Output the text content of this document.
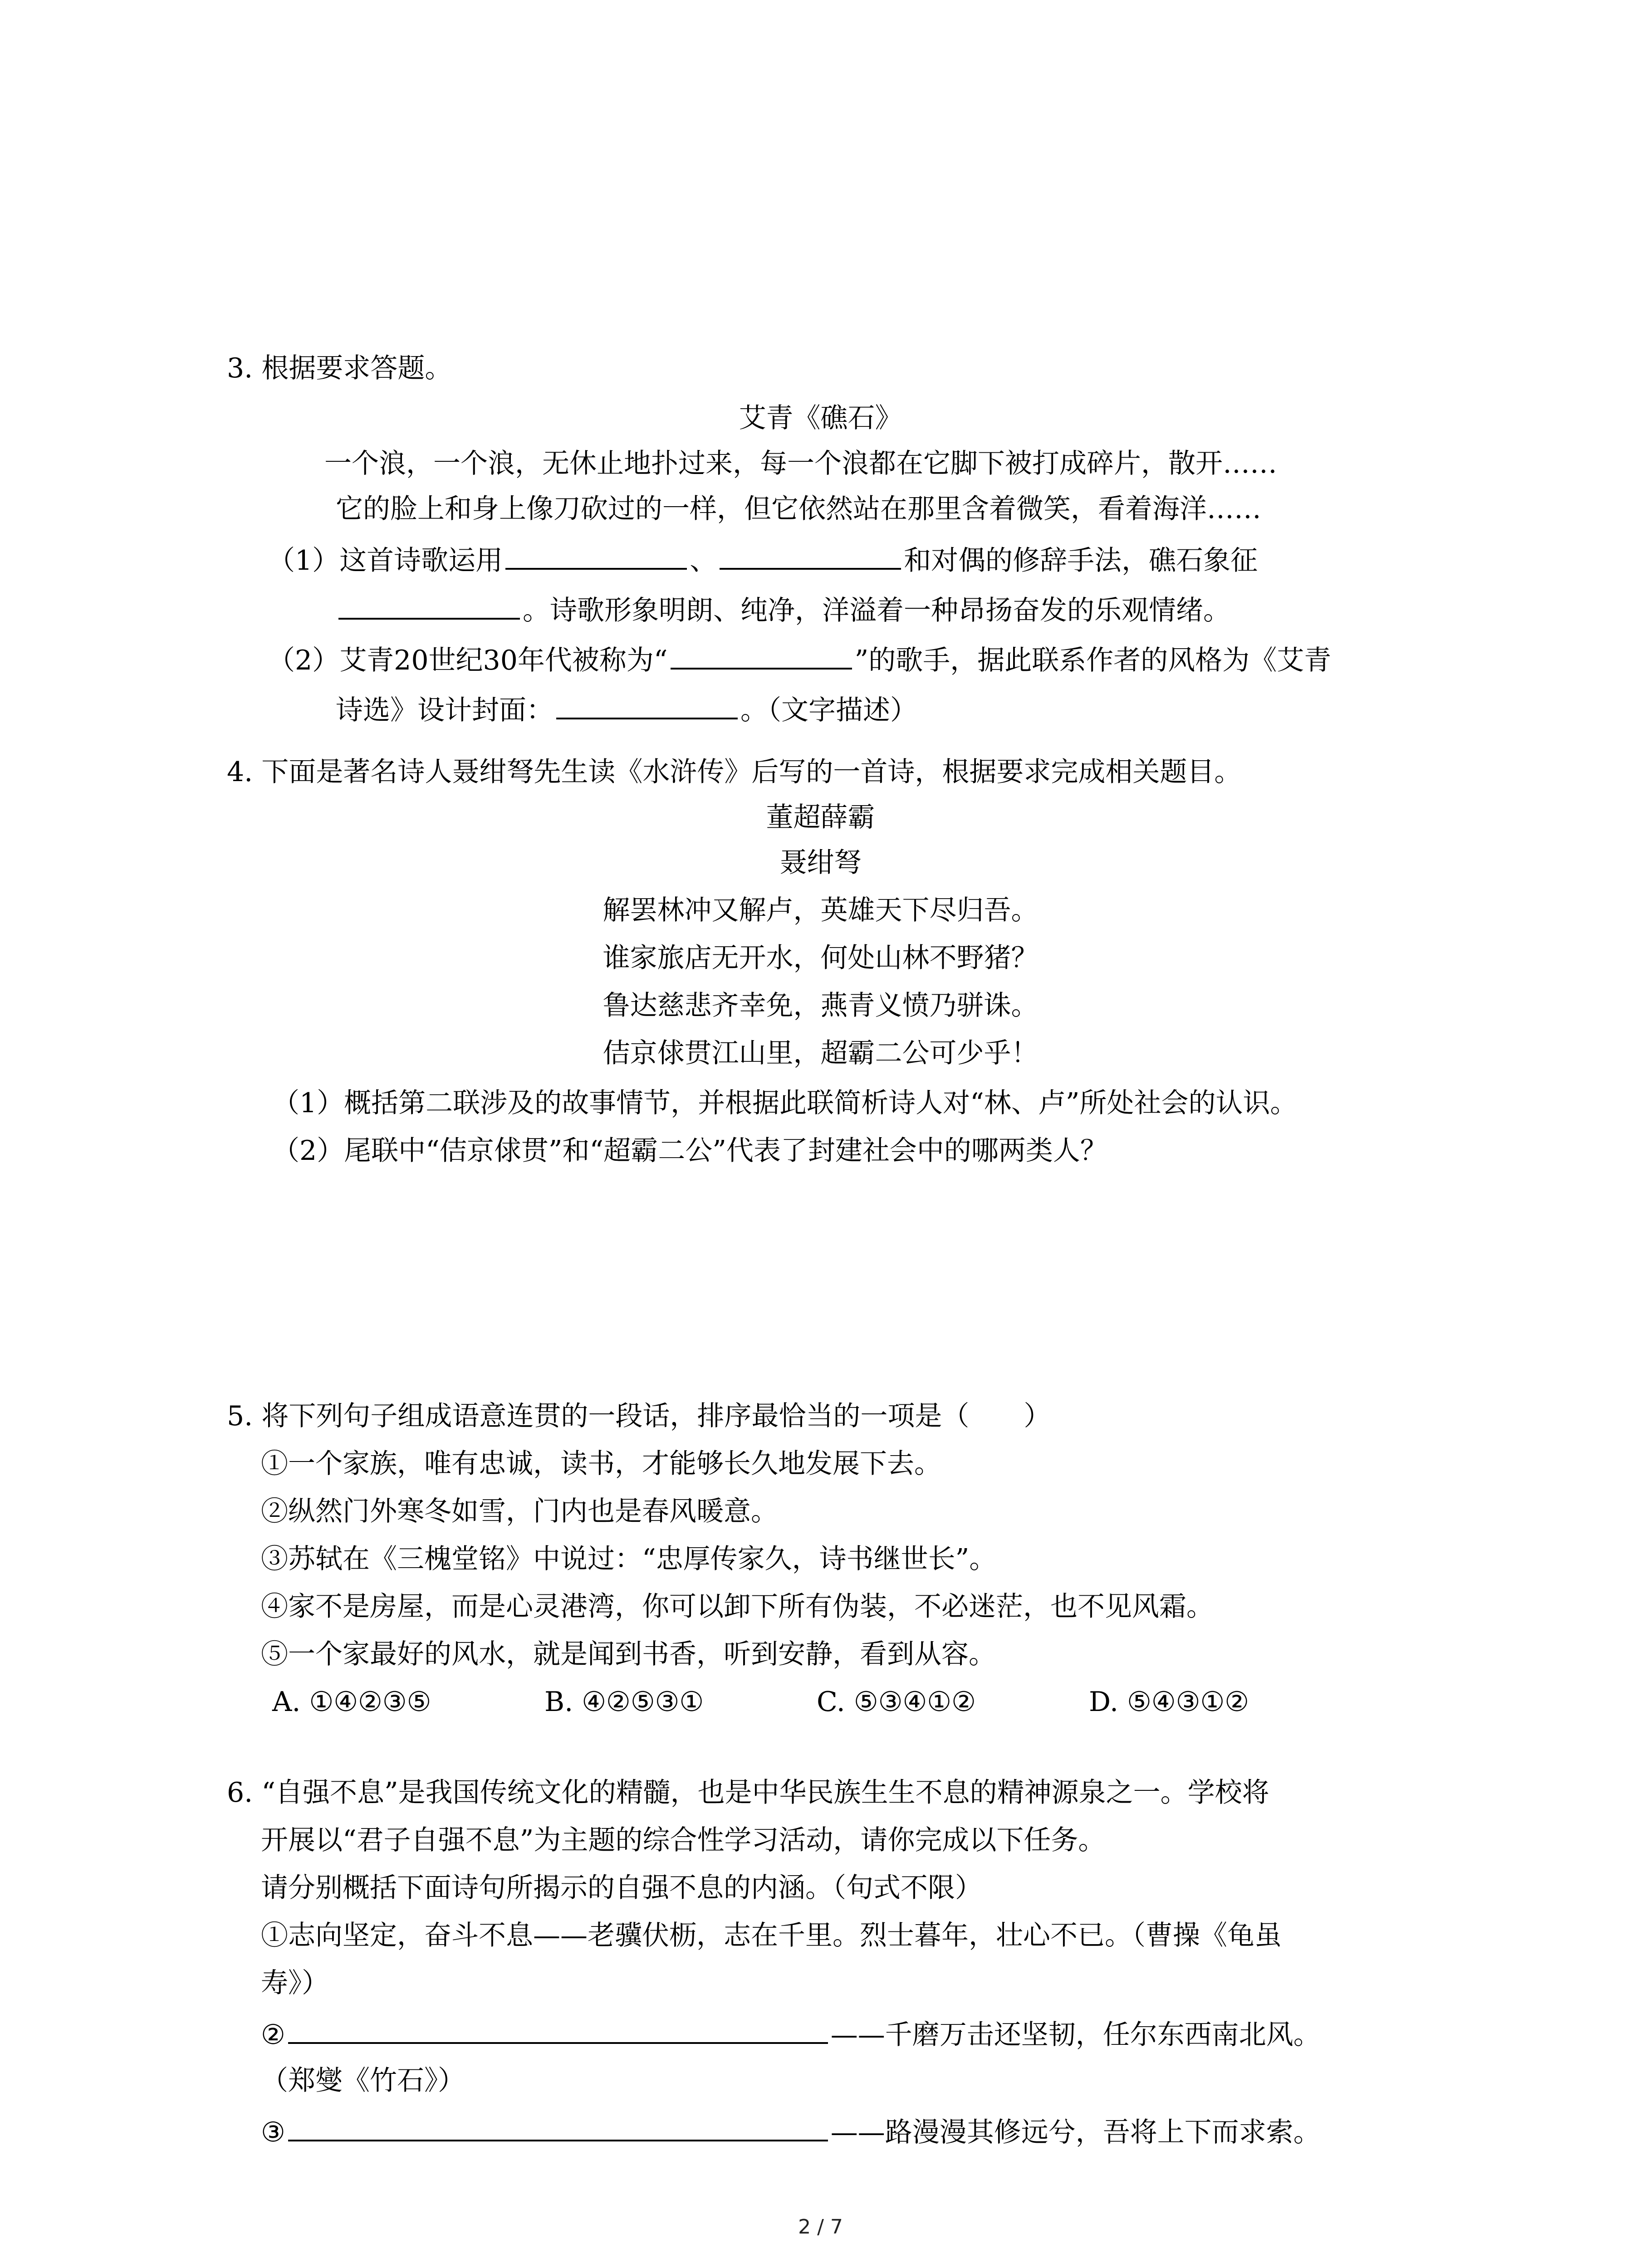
3. 根据要求答题。
艾青《礁石》
一个浪，一个浪，无休止地扑过来，每一个浪都在它脚下被打成碎片，散开……
它的脸上和身上像刀砍过的一样，但它依然站在那里含着微笑，看着海洋……
（1）这首诗歌运用	、	和对偶的修辞手法，礁石象征
。诗歌形象明朗、纯净，洋溢着一种昂扬奋发的乐观情绪。
（2）艾青20世纪30年代被称为“	”的歌手，据此联系作者的风格为《艾青
诗选》设计封面：	。（文字描述）
4. 下面是著名诗人聂绀弩先生读《水浒传》后写的一首诗，根据要求完成相关题目。
董超薛霸
聂绀弩
解罢林冲又解卢，英雄天下尽归吾。
谁家旅店无开水，何处山林不野猪？
鲁达慈悲齐幸免，燕青义愤乃骈诛。
佶京俅贯江山里，超霸二公可少乎！
（1）概括第二联涉及的故事情节，并根据此联简析诗人对“林、卢”所处社会的认识。
（2）尾联中“佶京俅贯”和“超霸二公”代表了封建社会中的哪两类人？
5. 将下列句子组成语意连贯的一段话，排序最恰当的一项是（　　）
①一个家族，唯有忠诚，读书，才能够长久地发展下去。
②纵然门外寒冬如雪，门内也是春风暖意。
③苏轼在《三槐堂铭》中说过：“忠厚传家久，诗书继世长”。
④家不是房屋，而是心灵港湾，你可以卸下所有伪装，不必迷茫，也不见风霜。
⑤一个家最好的风水，就是闻到书香，听到安静，看到从容。
A. ①④②③⑤	B. ④②⑤③①	C. ⑤③④①②	D. ⑤④③①②
6. “自强不息”是我国传统文化的精髓，也是中华民族生生不息的精神源泉之一。学校将
开展以“君子自强不息”为主题的综合性学习活动，请你完成以下任务。
请分别概括下面诗句所揭示的自强不息的内涵。（句式不限）
①志向坚定，奋斗不息——老骥伏枥，志在千里。烈士暮年，壮心不已。（曹操《龟虽
寿》）
②	——千磨万击还坚韧，任尔东西南北风。
（郑燮《竹石》）
③	——路漫漫其修远兮，吾将上下而求索。
2 / 7
